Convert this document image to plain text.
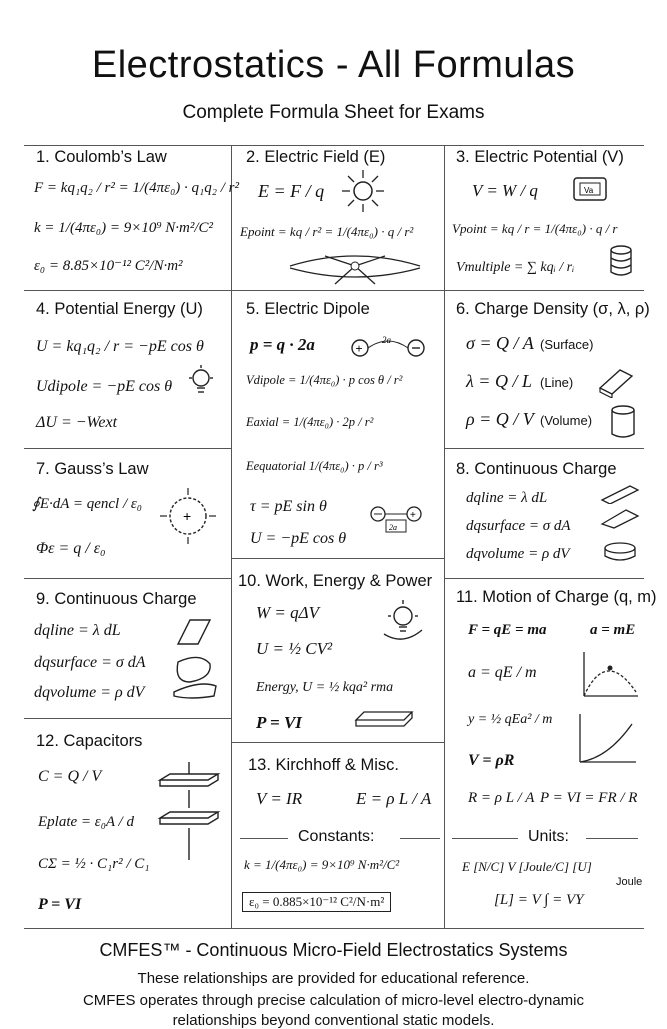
Electrostatics - All Formulas
Complete Formula Sheet for Exams
1. Coulomb’s Law
F = kq₁q₂ / r² = 1/(4πε₀) · q₁q₂ / r²
k = 1/(4πε₀) = 9×10⁹ N·m²/C²
ε₀ = 8.85×10⁻¹² C²/N·m²
2. Electric Field (E)
E = F / q
Epoint = kq / r² = 1/(4πε₀) · q / r²
3. Electric Potential (V)
V = W / q
Vpoint = kq / r = 1/(4πε₀) · q / r
Vmultiple = ∑ kqᵢ / rᵢ
Va
4. Potential Energy (U)
U = kq₁q₂ / r = −pE cos θ
Udipole = −pE cos θ
ΔU = −Wext
5. Electric Dipole
p = q · 2a
Vdipole = 1/(4πε₀) · p cos θ / r²
Eaxial = 1/(4πε₀) · 2p / r²
Eequatorial 1/(4πε₀) · p / r³
τ = pE sin θ
U = −pE cos θ
+
2a
+
2a
6. Charge Density (σ, λ, ρ)
σ = Q / A
λ = Q / L
ρ = Q / V
(Surface)
(Line)
(Volume)
7. Gauss’s Law
∮E·dA = qencl / ε₀
Φε = q / ε₀
+
8. Continuous Charge
dqline = λ dL
dqsurface = σ dA
dqvolume = ρ dV
9. Continuous Charge
dqline = λ dL
dqsurface = σ dA
dqvolume = ρ dV
10. Work, Energy & Power
W = qΔV
U = ½ CV²
Energy, U = ½ kqa² rma
P = VI
11. Motion of Charge (q, m)
F = qE = ma	a = mE
a = qE / m
y = ½ qEa² / m
V = ρR
R = ρ L / A P = VI = FR / R
12. Capacitors
C = Q / V
Eplate = ε₀A / d
CΣ = ½ · C₁r² / C₁
P = VI
13. Kirchhoff & Misc.
V = IR	E = ρ L / A
Constants:
k = 1/(4πε₀) = 9×10⁹ N·m²/C²
ε₀ = 0.885×10⁻¹² C²/N·m²
Units:
E [N/C] V [Joule/C] [U]
Joule
[L] = V ∫ = VY
CMFES™ - Continuous Micro-Field Electrostatics Systems
These relationships are provided for educational reference.
CMFES operates through precise calculation of micro-level electro-dynamic
relationships beyond conventional static models.
